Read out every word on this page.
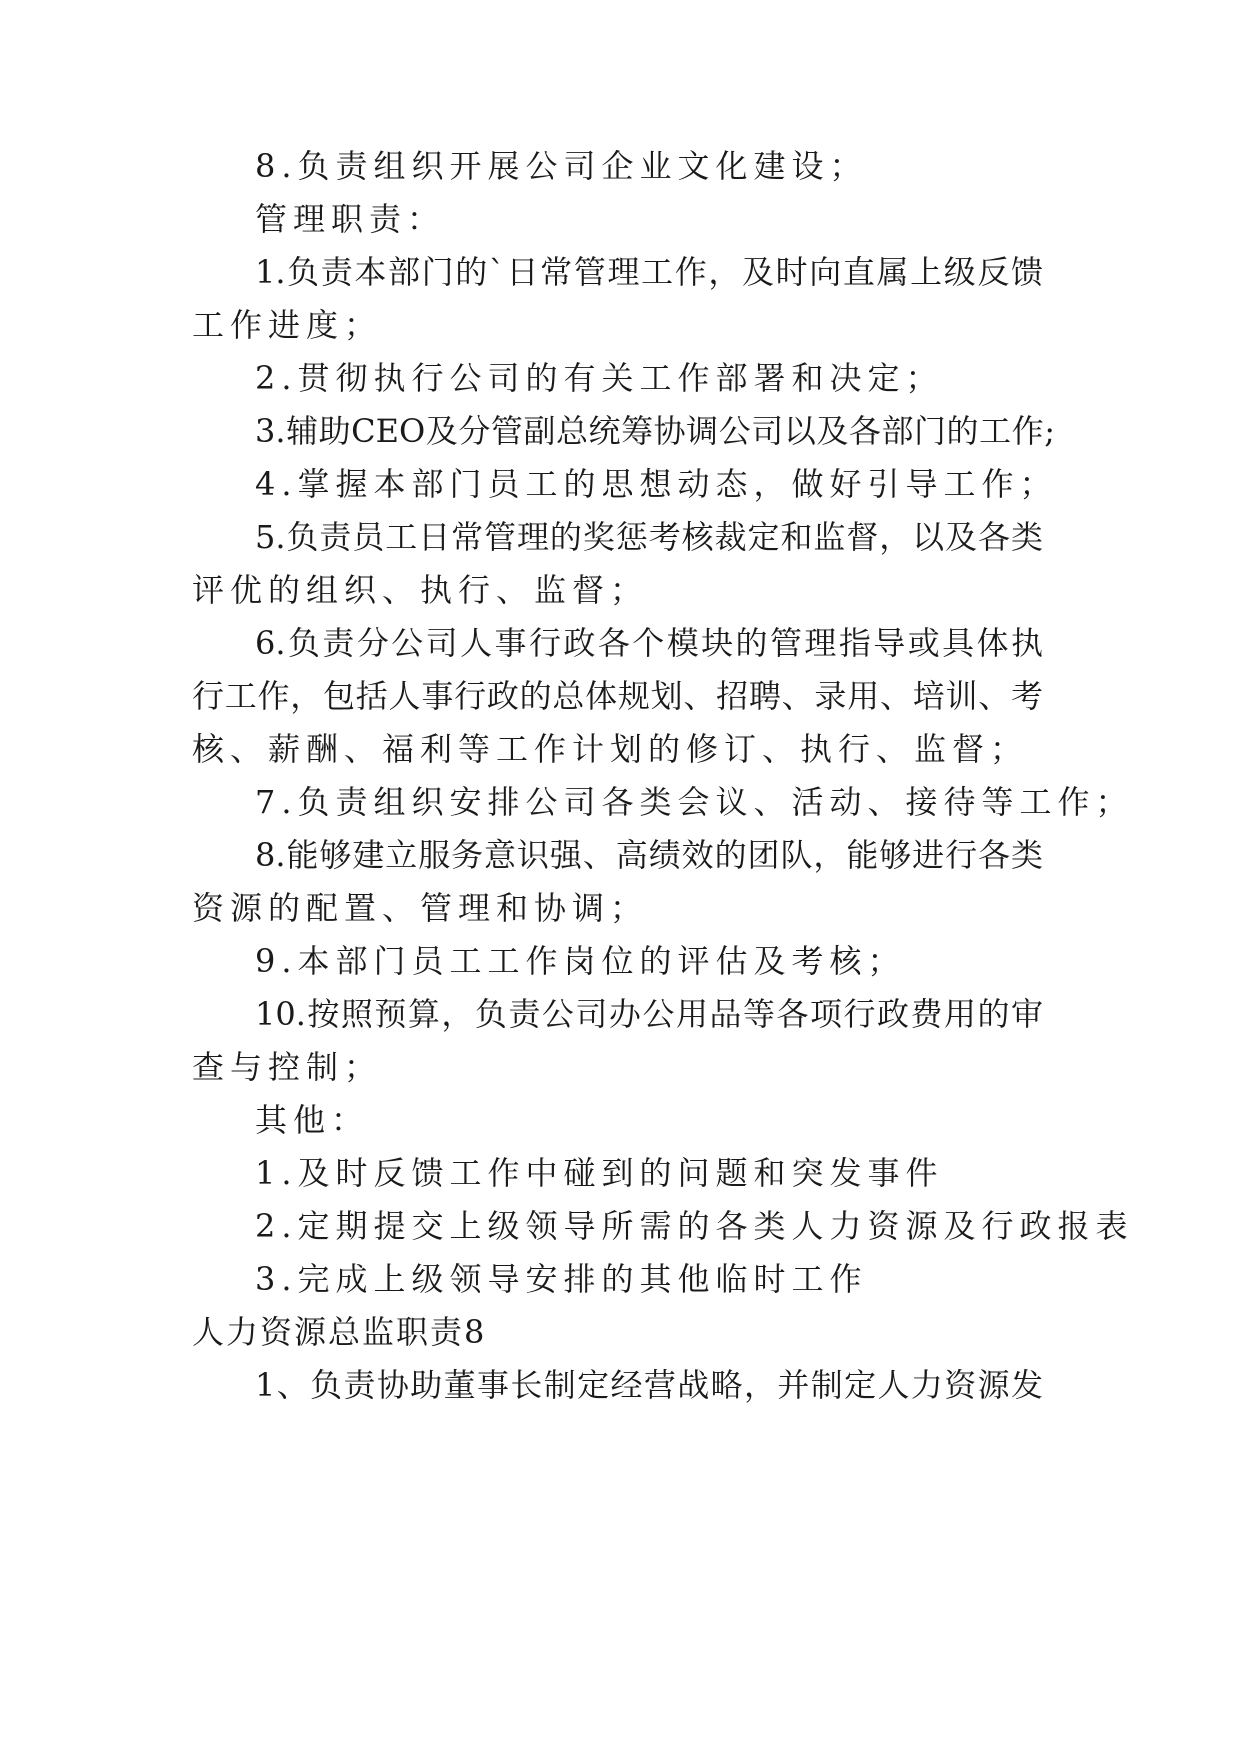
8.负责组织开展公司企业文化建设；
管理职责：
1.负责本部门的`日常管理工作，及时向直属上级反馈
工作进度；
2.贯彻执行公司的有关工作部署和决定；
3.辅助CEO及分管副总统筹协调公司以及各部门的工作;
4.掌握本部门员工的思想动态，做好引导工作；
5.负责员工日常管理的奖惩考核裁定和监督，以及各类
评优的组织、执行、监督；
6.负责分公司人事行政各个模块的管理指导或具体执
行工作，包括人事行政的总体规划、招聘、录用、培训、考
核、薪酬、福利等工作计划的修订、执行、监督；
7.负责组织安排公司各类会议、活动、接待等工作；
8.能够建立服务意识强、高绩效的团队，能够进行各类
资源的配置、管理和协调；
9.本部门员工工作岗位的评估及考核；
10.按照预算，负责公司办公用品等各项行政费用的审
查与控制；
其他：
1.及时反馈工作中碰到的问题和突发事件
2.定期提交上级领导所需的各类人力资源及行政报表
3.完成上级领导安排的其他临时工作
人力资源总监职责8
1、负责协助董事长制定经营战略，并制定人力资源发
